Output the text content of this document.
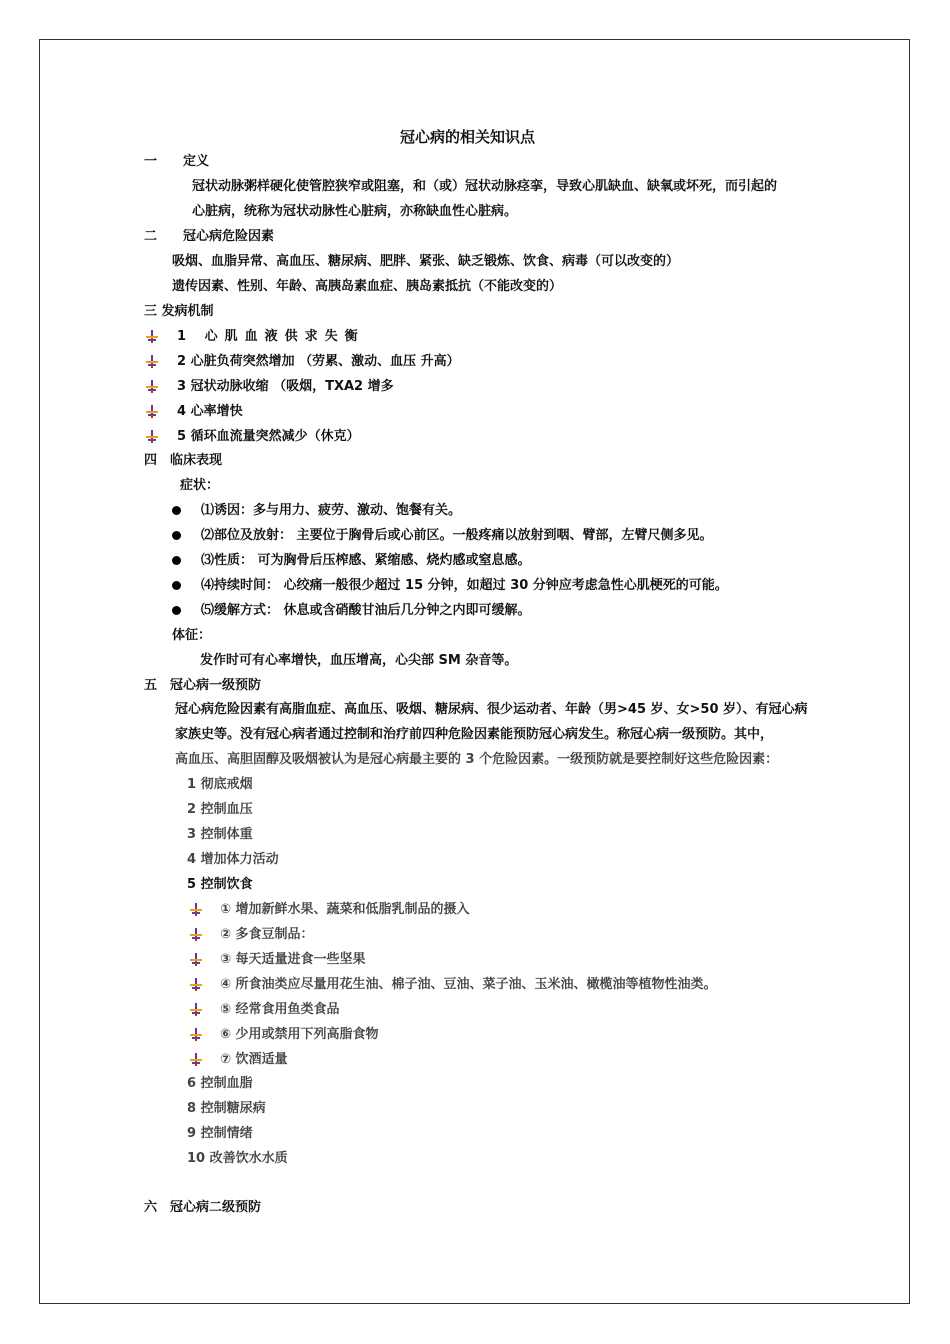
冠心病的相关知识点
一　　定义
冠状动脉粥样硬化使管腔狭窄或阻塞，和（或）冠状动脉痉挛，导致心肌缺血、缺氧或坏死，而引起的
心脏病，统称为冠状动脉性心脏病，亦称缺血性心脏病。
二　　冠心病危险因素
吸烟、血脂异常、高血压、糖尿病、肥胖、紧张、缺乏锻炼、饮食、病毒（可以改变的）
遗传因素、性别、年龄、高胰岛素血症、胰岛素抵抗（不能改变的）
三 发病机制
1 心肌血液供求失衡
2 心脏负荷突然增加 （劳累、激动、血压 升高）
3 冠状动脉收缩 （吸烟，TXA2 增多
4 心率增快
5 循环血流量突然减少（休克）
四　临床表现
症状：
⑴诱因：多与用力、疲劳、激动、饱餐有关。
⑵部位及放射： 主要位于胸骨后或心前区。一般疼痛以放射到咽、臂部，左臂尺侧多见。
⑶性质： 可为胸骨后压榨感、紧缩感、烧灼感或窒息感。
⑷持续时间： 心绞痛一般很少超过 15 分钟，如超过 30 分钟应考虑急性心肌梗死的可能。
⑸缓解方式： 休息或含硝酸甘油后几分钟之内即可缓解。
体征：
发作时可有心率增快，血压增高，心尖部 SM 杂音等。
五　冠心病一级预防
冠心病危险因素有高脂血症、高血压、吸烟、糖尿病、很少运动者、年龄（男>45 岁、女>50 岁）、有冠心病
家族史等。没有冠心病者通过控制和治疗前四种危险因素能预防冠心病发生。称冠心病一级预防。其中，
高血压、高胆固醇及吸烟被认为是冠心病最主要的 3 个危险因素。一级预防就是要控制好这些危险因素：
1 彻底戒烟
2 控制血压
3 控制体重
4 增加体力活动
5 控制饮食
① 增加新鲜水果、蔬菜和低脂乳制品的摄入
② 多食豆制品：
③ 每天适量进食一些坚果
④ 所食油类应尽量用花生油、棉子油、豆油、菜子油、玉米油、橄榄油等植物性油类。
⑤ 经常食用鱼类食品
⑥ 少用或禁用下列高脂食物
⑦ 饮酒适量
6 控制血脂
8 控制糖尿病
9 控制情绪
10 改善饮水水质
六　冠心病二级预防
